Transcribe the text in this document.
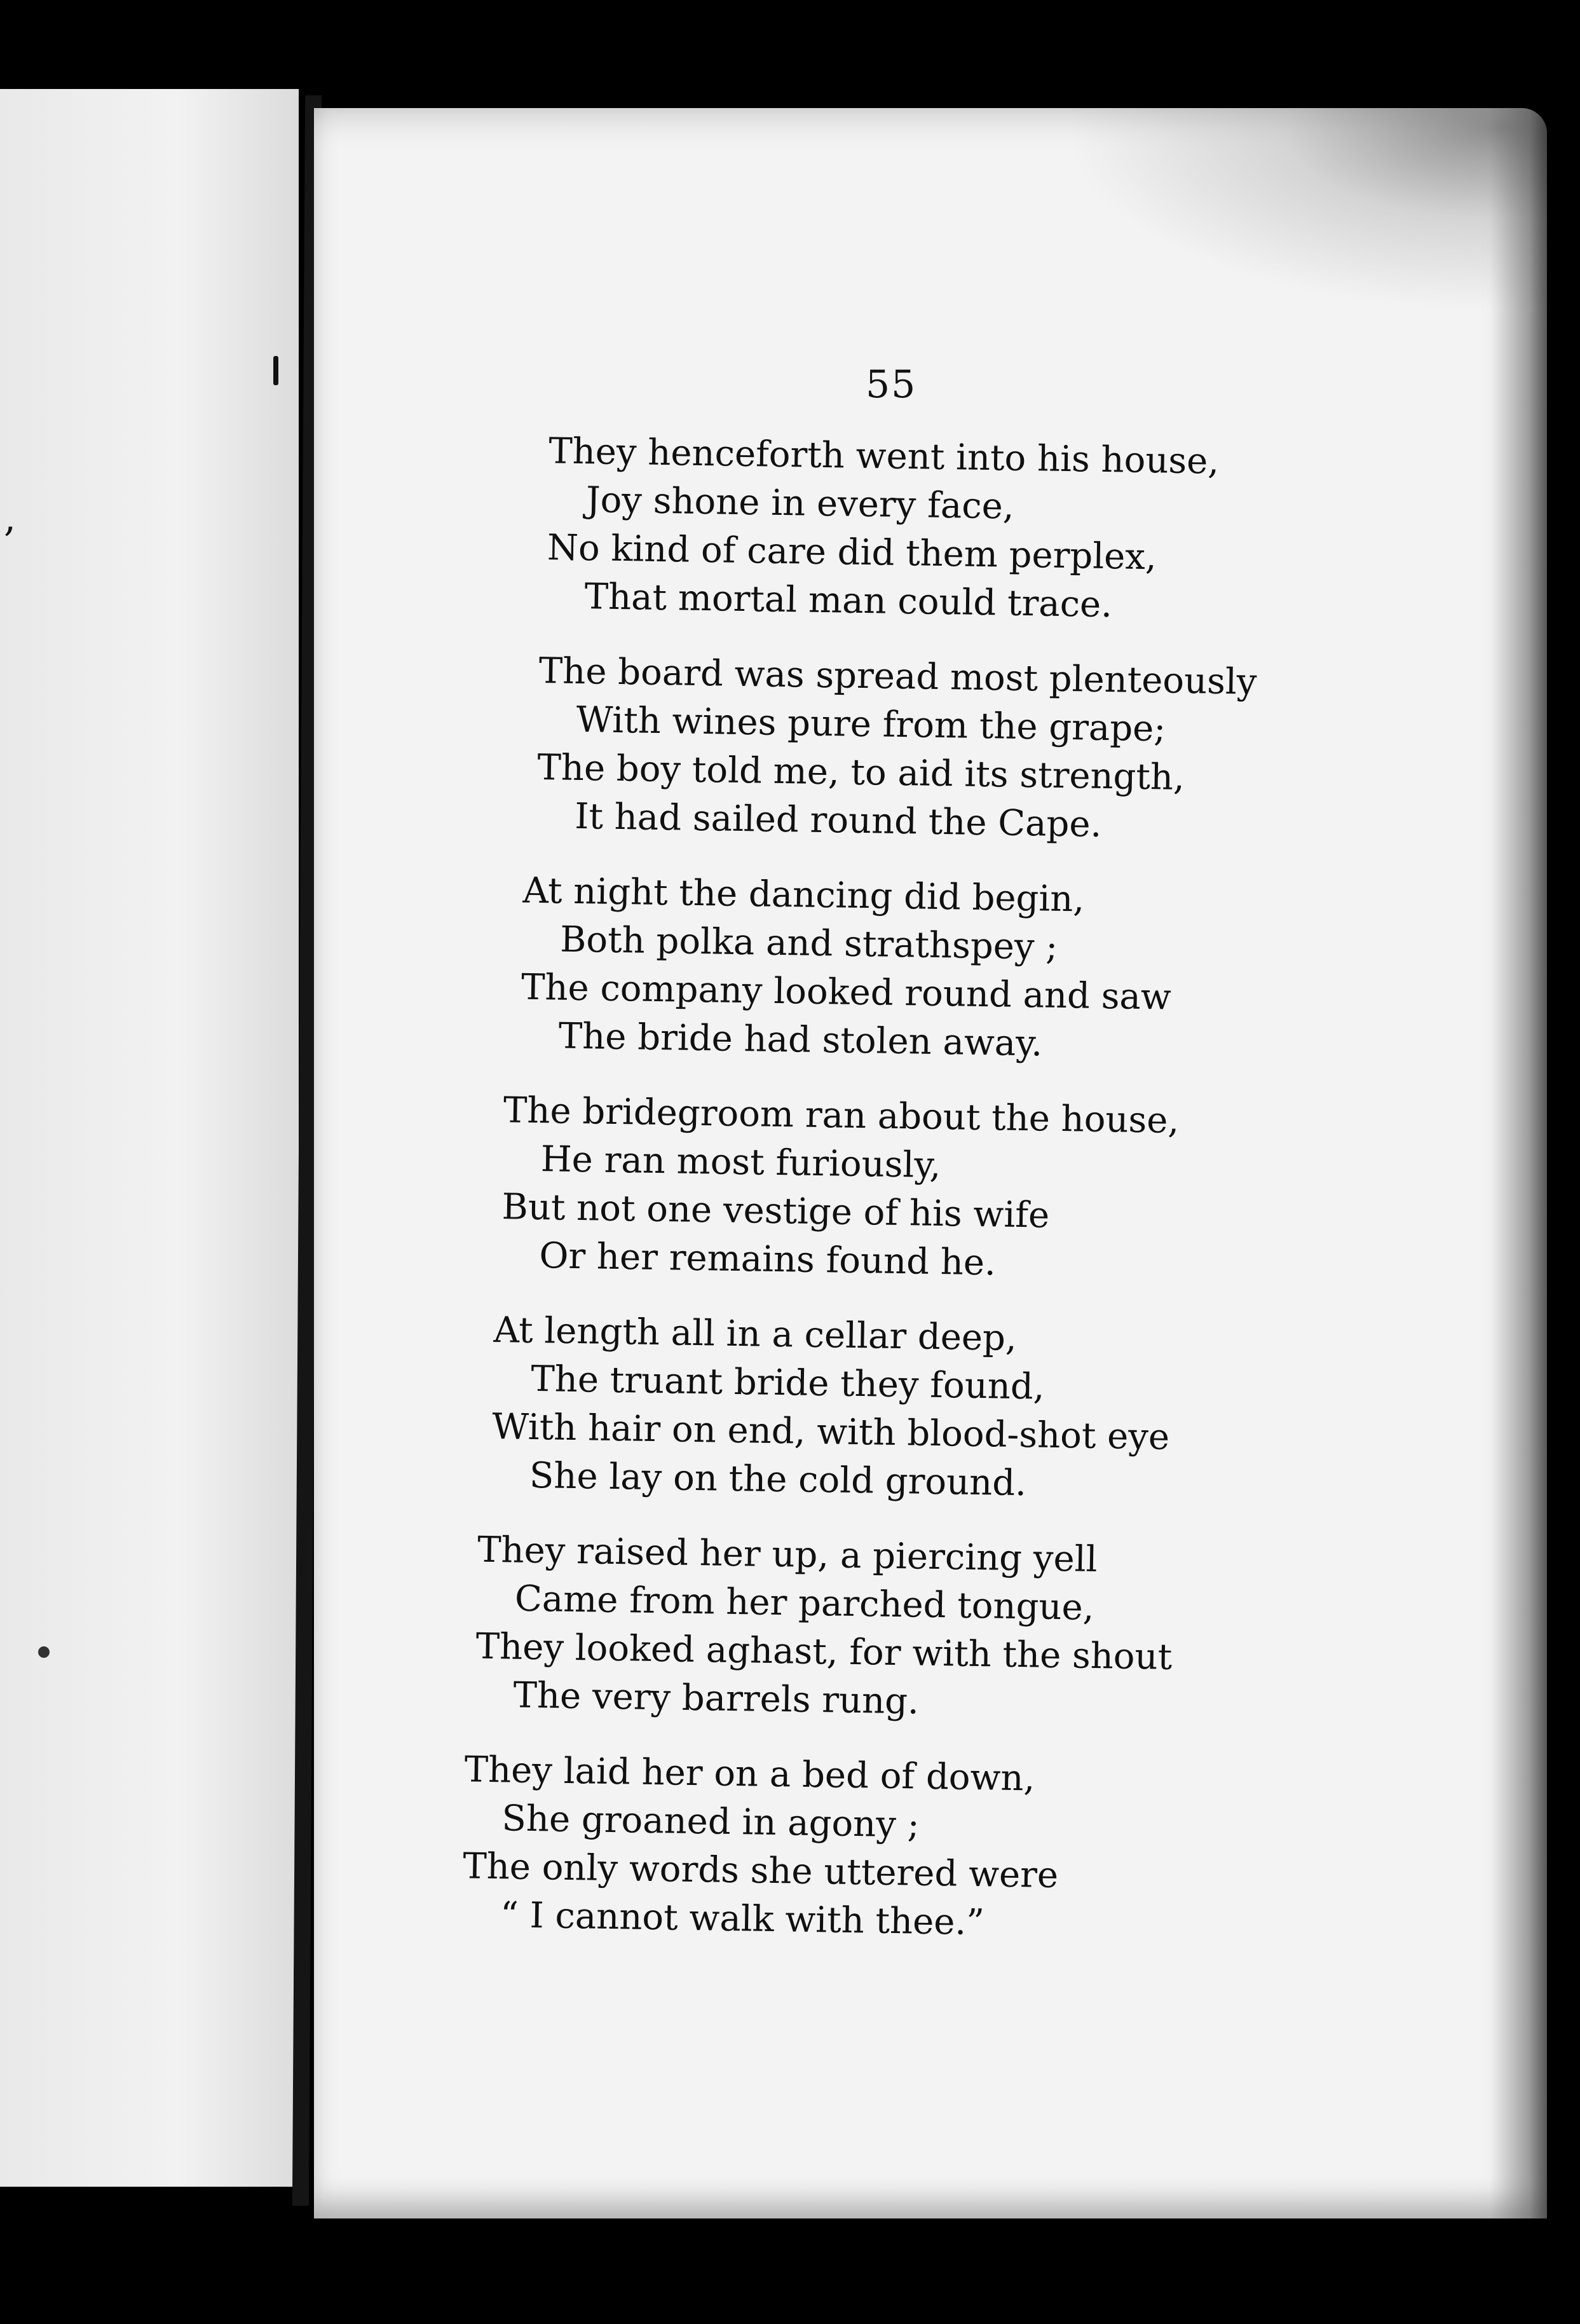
,
55
They henceforth went into his house,
Joy shone in every face,
No kind of care did them perplex,
That mortal man could trace.
The board was spread most plenteously
With wines pure from the grape;
The boy told me, to aid its strength,
It had sailed round the Cape.
At night the dancing did begin,
Both polka and strathspey ;
The company looked round and saw
The bride had stolen away.
The bridegroom ran about the house,
He ran most furiously,
But not one vestige of his wife
Or her remains found he.
At length all in a cellar deep,
The truant bride they found,
With hair on end, with blood-shot eye
She lay on the cold ground.
They raised her up, a piercing yell
Came from her parched tongue,
They looked aghast, for with the shout
The very barrels rung.
They laid her on a bed of down,
She groaned in agony ;
The only words she uttered were
“ I cannot walk with thee.”
